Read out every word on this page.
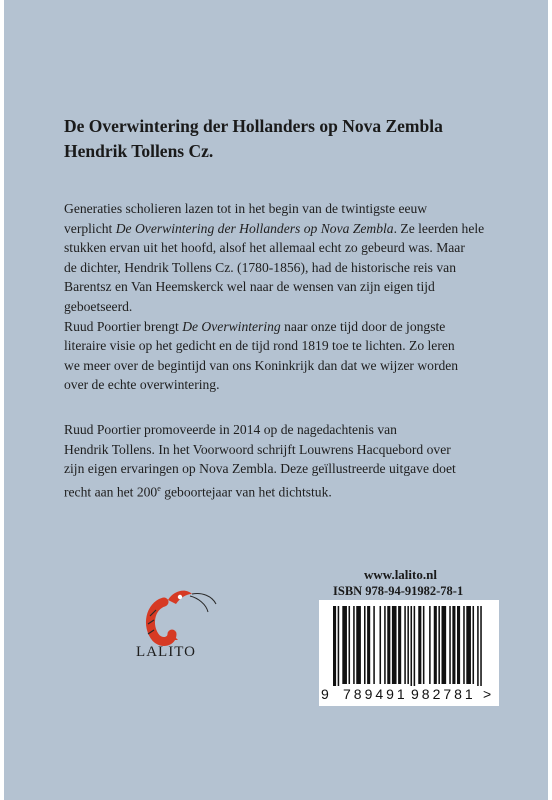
De Overwintering der Hollanders op Nova Zembla
Hendrik Tollens Cz.
Generaties scholieren lazen tot in het begin van de twintigste eeuw
verplicht De Overwintering der Hollanders op Nova Zembla. Ze leerden hele
stukken ervan uit het hoofd, alsof het allemaal echt zo gebeurd was. Maar
de dichter, Hendrik Tollens Cz. (1780-1856), had de historische reis van
Barentsz en Van Heemskerck wel naar de wensen van zijn eigen tijd
geboetseerd.
Ruud Poortier brengt De Overwintering naar onze tijd door de jongste
literaire visie op het gedicht en de tijd rond 1819 toe te lichten. Zo leren
we meer over de begintijd van ons Koninkrijk dan dat we wijzer worden
over de echte overwintering.
Ruud Poortier promoveerde in 2014 op de nagedachtenis van
Hendrik Tollens. In het Voorwoord schrijft Louwrens Hacquebord over
zijn eigen ervaringen op Nova Zembla. Deze geïllustreerde uitgave doet
recht aan het 200e geboortejaar van het dichtstuk.
LALITO
www.lalito.nl
ISBN 978-94-91982-78-1
9 789491 982781 >
